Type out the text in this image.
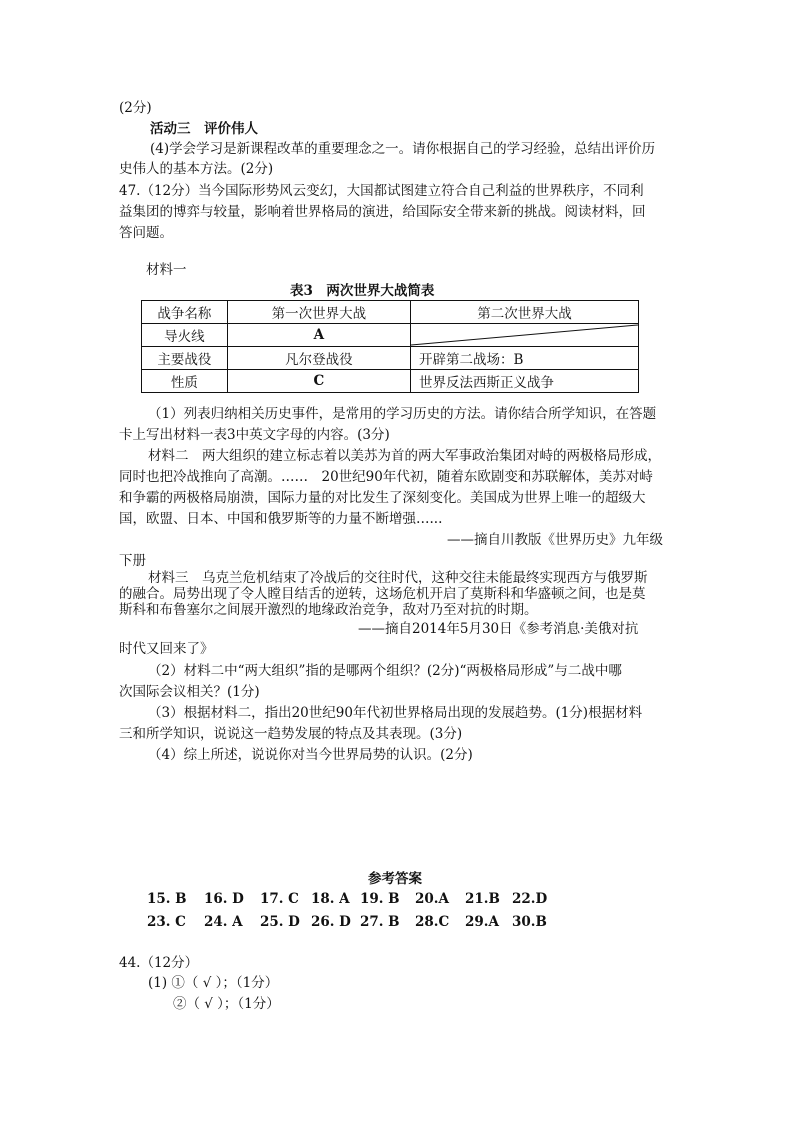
(2分)
活动三　评价伟人
(4)学会学习是新课程改革的重要理念之一。请你根据自己的学习经验，总结出评价历
史伟人的基本方法。(2分)
47.（12分）当今国际形势风云变幻，大国都试图建立符合自己利益的世界秩序，不同利
益集团的博弈与较量，影响着世界格局的演进，给国际安全带来新的挑战。阅读材料，回
答问题。
材料一
表3　两次世界大战简表
战争名称	第一次世界大战	第二次世界大战
导火线	A	

主要战役	凡尔登战役	开辟第二战场：B
性质	C	世界反法西斯正义战争
（1）列表归纳相关历史事件，是常用的学习历史的方法。请你结合所学知识，在答题
卡上写出材料一表3中英文字母的内容。(3分)
材料二　两大组织的建立标志着以美苏为首的两大军事政治集团对峙的两极格局形成，
同时也把冷战推向了高潮。……　20世纪90年代初，随着东欧剧变和苏联解体，美苏对峙
和争霸的两极格局崩溃，国际力量的对比发生了深刻变化。美国成为世界上唯一的超级大
国，欧盟、日本、中国和俄罗斯等的力量不断增强…...
——摘自川教版《世界历史》九年级
下册
材料三　乌克兰危机结束了冷战后的交往时代，这种交往未能最终实现西方与俄罗斯
的融合。局势出现了令人瞠目结舌的逆转，这场危机开启了莫斯科和华盛顿之间，也是莫
斯科和布鲁塞尔之间展开激烈的地缘政治竞争，敌对乃至对抗的时期。
——摘自2014年5月30日《参考消息·美俄对抗
时代又回来了》
（2）材料二中“两大组织”指的是哪两个组织？(2分)“两极格局形成”与二战中哪
次国际会议相关？(1分)
（3）根据材料二，指出20世纪90年代初世界格局出现的发展趋势。(1分)根据材料
三和所学知识，说说这一趋势发展的特点及其表现。(3分)
（4）综上所述，说说你对当今世界局势的认识。(2分)
参考答案
15. B 16. D 17. C 18. A 19. B 20.A 21.B 22.D
23. C 24. A 25. D 26. D 27. B 28.C 29.A 30.B
44.（12分）
(1) ①（ √ ）；（1分）
②（ √ ）；（1分）
